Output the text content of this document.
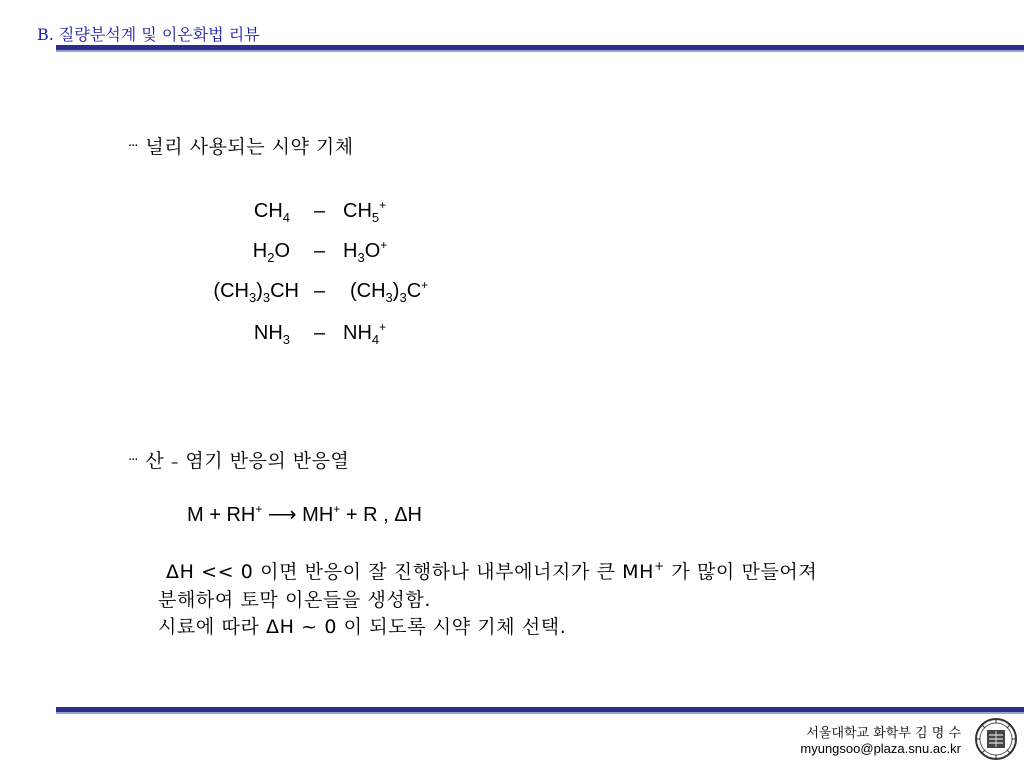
B. 질량분석계 및 이온화법 리뷰
··· 널리 사용되는 시약 기체
$CH_4 - CH_5^+$
$H_2O - H_3O^+$
$(CH_3)_3CH - (CH_3)_3C^+$
$NH_3 - NH_4^+$
··· 산 – 염기 반응의 반응열
M + RH+ ⟶ MH+ + R , ΔH
ΔH << 0 이면 반응이 잘 진행하나 내부에너지가 큰 MH+ 가 많이 만들어져
분해하여 토막 이온들을 생성함.
시료에 따라 ΔH ~ 0 이 되도록 시약 기체 선택.
서울대학교 화학부 김 명 수
myungsoo@plaza.snu.ac.kr
